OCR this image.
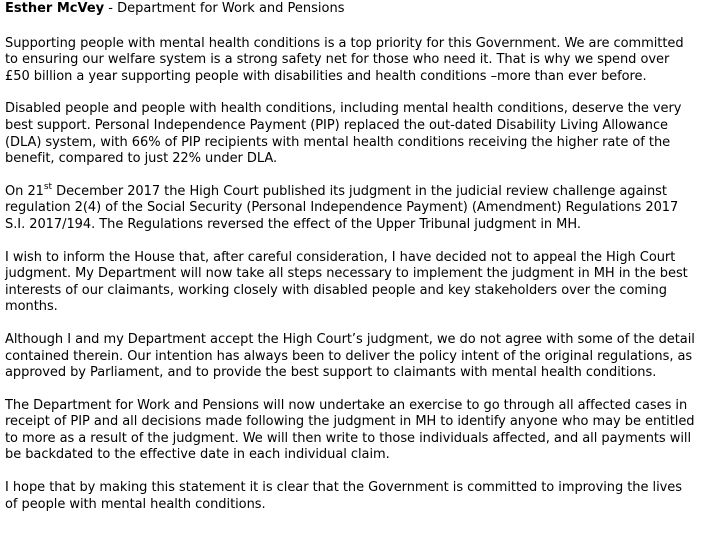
Esther McVey - Department for Work and Pensions

Supporting people with mental health conditions is a top priority for this Government. We are committed to ensuring our welfare system is a strong safety net for those who need it. That is why we spend over £50 billion a year supporting people with disabilities and health conditions –more than ever before.

Disabled people and people with health conditions, including mental health conditions, deserve the very best support. Personal Independence Payment (PIP) replaced the out-dated Disability Living Allowance (DLA) system, with 66% of PIP recipients with mental health conditions receiving the higher rate of the benefit, compared to just 22% under DLA.

On 21st December 2017 the High Court published its judgment in the judicial review challenge against regulation 2(4) of the Social Security (Personal Independence Payment) (Amendment) Regulations 2017 S.I. 2017/194. The Regulations reversed the effect of the Upper Tribunal judgment in MH.

I wish to inform the House that, after careful consideration, I have decided not to appeal the High Court judgment. My Department will now take all steps necessary to implement the judgment in MH in the best interests of our claimants, working closely with disabled people and key stakeholders over the coming months.

Although I and my Department accept the High Court’s judgment, we do not agree with some of the detail contained therein. Our intention has always been to deliver the policy intent of the original regulations, as approved by Parliament, and to provide the best support to claimants with mental health conditions.

The Department for Work and Pensions will now undertake an exercise to go through all affected cases in receipt of PIP and all decisions made following the judgment in MH to identify anyone who may be entitled to more as a result of the judgment. We will then write to those individuals affected, and all payments will be backdated to the effective date in each individual claim.

I hope that by making this statement it is clear that the Government is committed to improving the lives of people with mental health conditions.
